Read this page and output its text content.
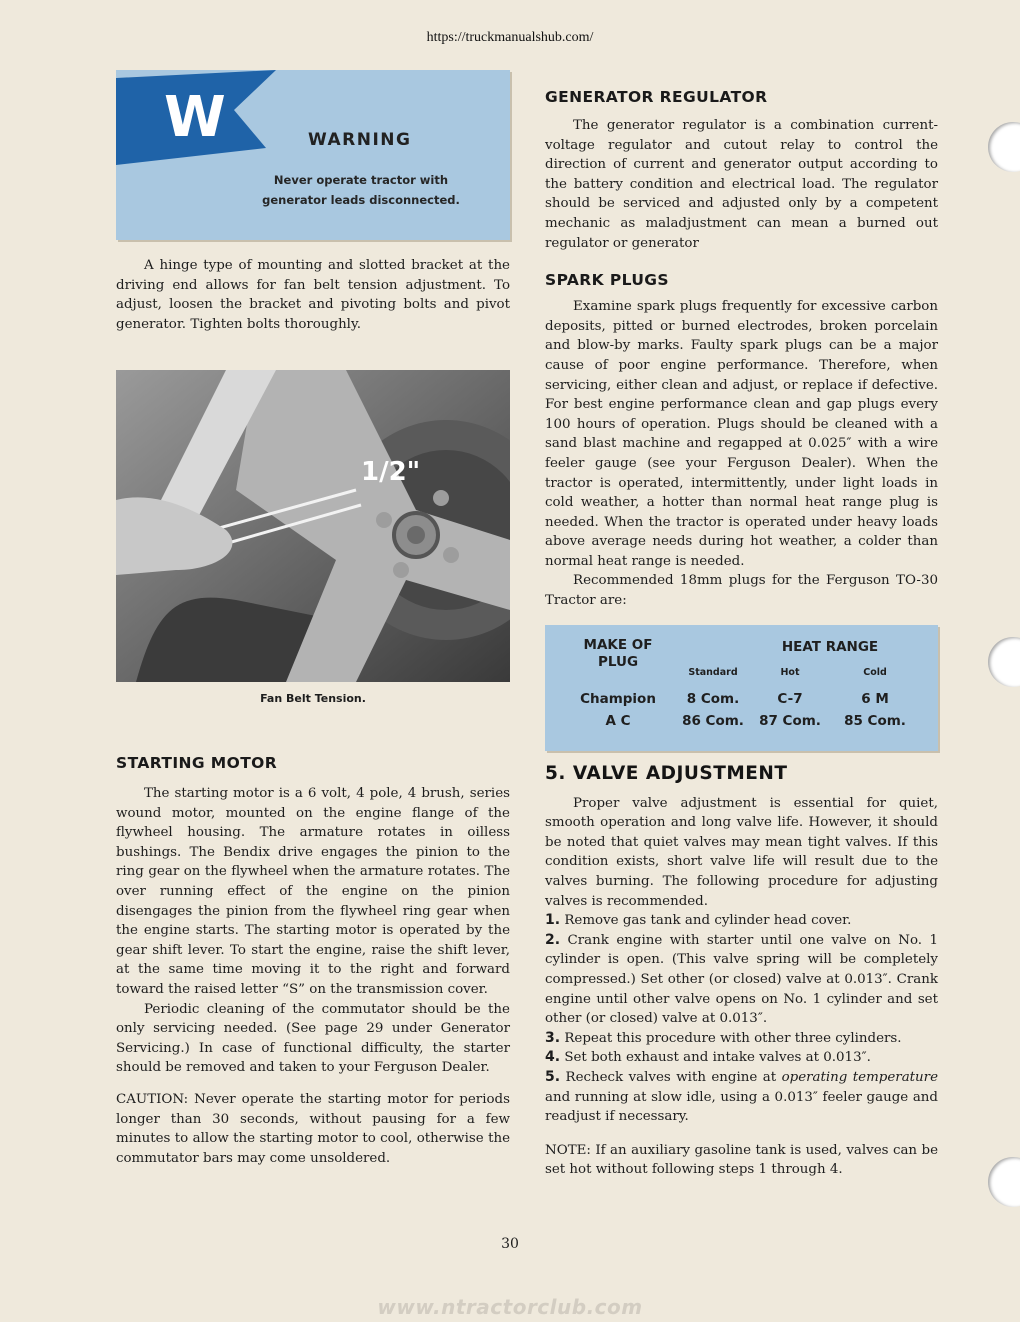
https://truckmanualshub.com/
W	WARNING
Never operate tractor with generator leads disconnected.

A hinge type of mounting and slotted bracket at the driving end allows for fan belt tension adjustment. To adjust, loosen the bracket and pivoting bolts and pivot generator. Tighten bolts thoroughly.

1/2"
Fan Belt Tension.
STARTING MOTOR

The starting motor is a 6 volt, 4 pole, 4 brush, series wound motor, mounted on the engine flange of the flywheel housing. The armature rotates in oilless bushings. The Bendix drive engages the pinion to the ring gear on the flywheel when the armature rotates. The over running effect of the engine on the pinion disengages the pinion from the flywheel ring gear when the engine starts. The starting motor is operated by the gear shift lever. To start the engine, raise the shift lever, at the same time moving it to the right and forward toward the raised letter “S” on the transmission cover.

Periodic cleaning of the commutator should be the only servicing needed. (See page 29 under Generator Servicing.) In case of functional difficulty, the starter should be removed and taken to your Ferguson Dealer.

CAUTION: Never operate the starting motor for periods longer than 30 seconds, without pausing for a few minutes to allow the starting motor to cool, otherwise the commutator bars may come unsoldered.

GENERATOR REGULATOR

The generator regulator is a combination current-voltage regulator and cutout relay to control the direction of current and generator output according to the battery condition and electrical load. The regulator should be serviced and adjusted only by a competent mechanic as maladjustment can mean a burned out regulator or generator

SPARK PLUGS

Examine spark plugs frequently for excessive carbon deposits, pitted or burned electrodes, broken porcelain and blow-by marks. Faulty spark plugs can be a major cause of poor engine performance. Therefore, when servicing, either clean and adjust, or replace if defective. For best engine performance clean and gap plugs every 100 hours of operation. Plugs should be cleaned with a sand blast machine and regapped at 0.025″ with a wire feeler gauge (see your Ferguson Dealer). When the tractor is operated, intermittently, under light loads in cold weather, a hotter than normal heat range plug is needed. When the tractor is operated under heavy loads above average needs during hot weather, a colder than normal heat range is needed.

Recommended 18mm plugs for the Ferguson TO-30 Tractor are:

MAKE OF PLUG
HEAT RANGE
Standard	Hot	Cold
Champion	8 Com.	C-7	6 M
A C	86 Com.	87 Com.	85 Com.
5. VALVE ADJUSTMENT

Proper valve adjustment is essential for quiet, smooth operation and long valve life. However, it should be noted that quiet valves may mean tight valves. If this condition exists, short valve life will result due to the valves burning. The following procedure for adjusting valves is recommended.

1. Remove gas tank and cylinder head cover.
2. Crank engine with starter until one valve on No. 1 cylinder is open. (This valve spring will be completely compressed.) Set other (or closed) valve at 0.013″. Crank engine until other valve opens on No. 1 cylinder and set other (or closed) valve at 0.013″.
3. Repeat this procedure with other three cylinders.
4. Set both exhaust and intake valves at 0.013″.
5. Recheck valves with engine at operating temperature and running at slow idle, using a 0.013″ feeler gauge and readjust if necessary.

NOTE: If an auxiliary gasoline tank is used, valves can be set hot without following steps 1 through 4.

30
www.ntractorclub.com
